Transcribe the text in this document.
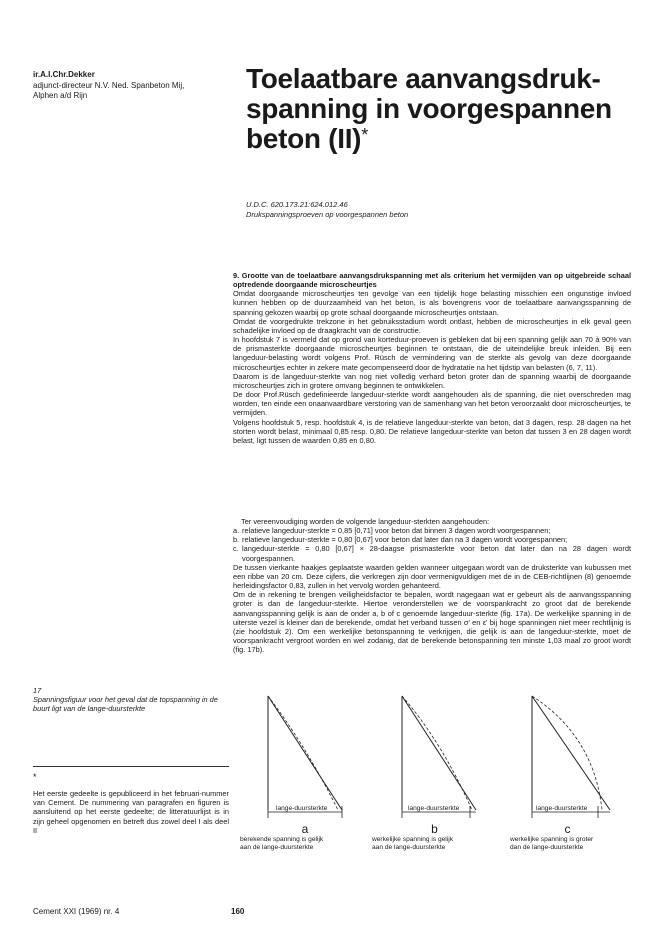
ir.A.I.Chr.Dekker
adjunct-directeur N.V. Ned. Spanbeton Mij,
Alphen a/d Rijn
Toelaatbare aanvangsdruk-
spanning in voorgespannen
beton (II)*
U.D.C. 620.173.21:624.012.46
Drukspanningsproeven op voorgespannen beton

9. Grootte van de toelaatbare aanvangsdrukspanning met als criterium het vermijden van op uitgebreide schaal optredende doorgaande microscheurtjes

Omdat doorgaande microscheurtjes ten gevolge van een tijdelijk hoge belasting misschien een ongunstige invloed kunnen hebben op de duurzaamheid van het beton, is als bovengrens voor de toelaatbare aanvangsspanning de spanning gekozen waarbij op grote schaal doorgaande microscheurtjes ontstaan.

Omdat de voorgedrukte trekzone in het gebruiksstadium wordt ontlast, hebben de microscheurtjes in elk geval geen schadelijke invloed op de draagkracht van de constructie.

In hoofdstuk 7 is vermeld dat op grond van korteduur-proeven is gebleken dat bij een spanning gelijk aan 70 à 90% van de prismasterkte doorgaande microscheurtjes beginnen te ontstaan, die de uiteindelijke breuk inleiden. Bij een langeduur-belasting wordt volgens Prof. Rüsch de vermindering van de sterkte als gevolg van deze doorgaande microscheurtjes echter in zekere mate gecompenseerd door de hydratatie na het tijdstip van belasten (6, 7, 11).

Daarom is de langeduur-sterkte van nog niet volledig verhard beton groter dan de spanning waarbij de doorgaande microscheurtjes zich in grotere omvang beginnen te ontwikkelen.

De door Prof.Rüsch gedefinieerde langeduur-sterkte wordt aangehouden als de spanning, die niet overschreden mag worden, ten einde een onaanvaardbare verstoring van de samenhang van het beton veroorzaakt door microscheurtjes, te vermijden.

Volgens hoofdstuk 5, resp. hoofdstuk 4, is de relatieve langeduur-sterkte van beton, dat 3 dagen, resp. 28 dagen na het storten wordt belast, minimaal 0,85 resp. 0,80. De relatieve langeduur-sterkte van beton dat tussen 3 en 28 dagen wordt belast, ligt tussen de waarden 0,85 en 0,80.

Ter vereenvoudiging worden de volgende langeduur-sterkten aangehouden:

a. relatieve langeduur-sterkte = 0,85 [0,71] voor beton dat binnen 3 dagen wordt voorgespannen;
b. relatieve langeduur-sterkte = 0,80 [0,67] voor beton dat later dan na 3 dagen wordt voorgespannen;
c. langeduur-sterkte = 0,80 [0,67] × 28-daagse prismasterkte voor beton dat later dan na 28 dagen wordt voorgespannen.

De tussen vierkante haakjes geplaatste waarden gelden wanneer uitgegaan wordt van de druksterkte van kubussen met een ribbe van 20 cm. Deze cijfers, die verkregen zijn door vermenigvuldigen met de in de CEB-richtlijnen (8) genoemde herleidingsfactor 0,83, zullen in het vervolg worden gehanteerd.

Om de in rekening te brengen veiligheidsfactor te bepalen, wordt nagegaan wat er gebeurt als de aanvangsspanning groter is dan de langeduur-sterkte. Hiertoe veronderstellen we de voorspankracht zo groot dat de berekende aanvangsspanning gelijk is aan de onder a, b of c genoemde langeduur-sterkte (fig. 17a). De werkelijke spanning in de uiterste vezel is kleiner dan de berekende, omdat het verband tussen σ' en ε' bij hoge spanningen niet meer rechtlijnig is (zie hoofdstuk 2). Om een werkelijke betonspanning te verkrijgen, die gelijk is aan de langeduur-sterkte, moet de voorspankracht vergroot worden en wel zodanig, dat de berekende betonspanning ten minste 1,03 maal zo groot wordt (fig. 17b).

17
Spanningsfiguur voor het geval dat de topspanning in de buurt ligt van de lange-duursterkte
*
Het eerste gedeelte is gepubliceerd in het februari-nummer van Cement. De nummering van paragrafen en figuren is aansluitend op het eerste gedeelte; de litteratuurlijst is in zijn geheel opgenomen en betreft dus zowel deel I als deel II
lange-duursterkte
a
berekende spanning is gelijk
aan de lange-duursterkte
lange-duursterkte
b
werkelijke spanning is gelijk
aan de lange-duursterkte
lange-duursterkte
c
werkelijke spanning is groter
dan de lange-duursterkte
Cement XXI (1969) nr. 4	160
